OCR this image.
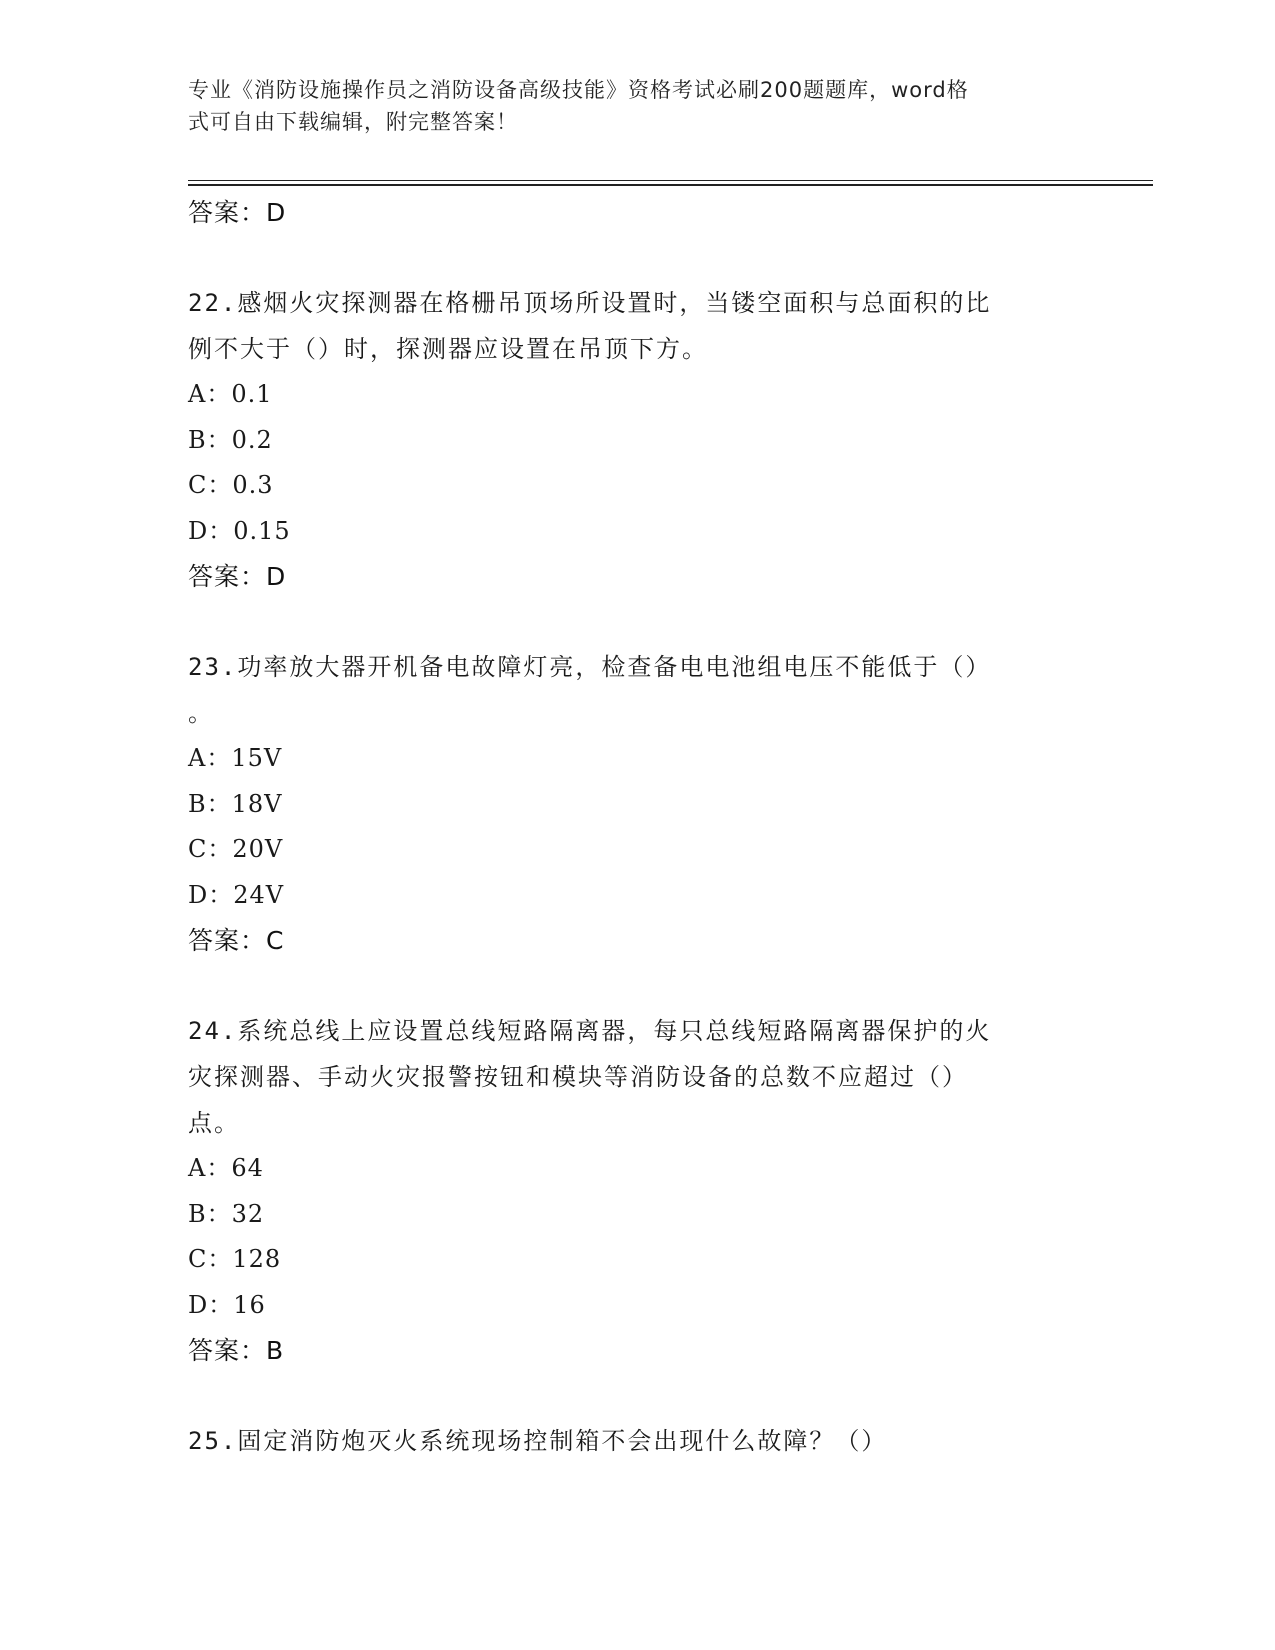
专业《消防设施操作员之消防设备高级技能》资格考试必刷200题题库，word格
式可自由下载编辑，附完整答案！
答案：D
22.感烟火灾探测器在格栅吊顶场所设置时，当镂空面积与总面积的比
例不大于（）时，探测器应设置在吊顶下方。
A：0.1
B：0.2
C：0.3
D：0.15
答案：D
23.功率放大器开机备电故障灯亮，检查备电电池组电压不能低于（）
。
A：15V
B：18V
C：20V
D：24V
答案：C
24.系统总线上应设置总线短路隔离器，每只总线短路隔离器保护的火
灾探测器、手动火灾报警按钮和模块等消防设备的总数不应超过（）
点。
A：64
B：32
C：128
D：16
答案：B
25.固定消防炮灭火系统现场控制箱不会出现什么故障？（）
